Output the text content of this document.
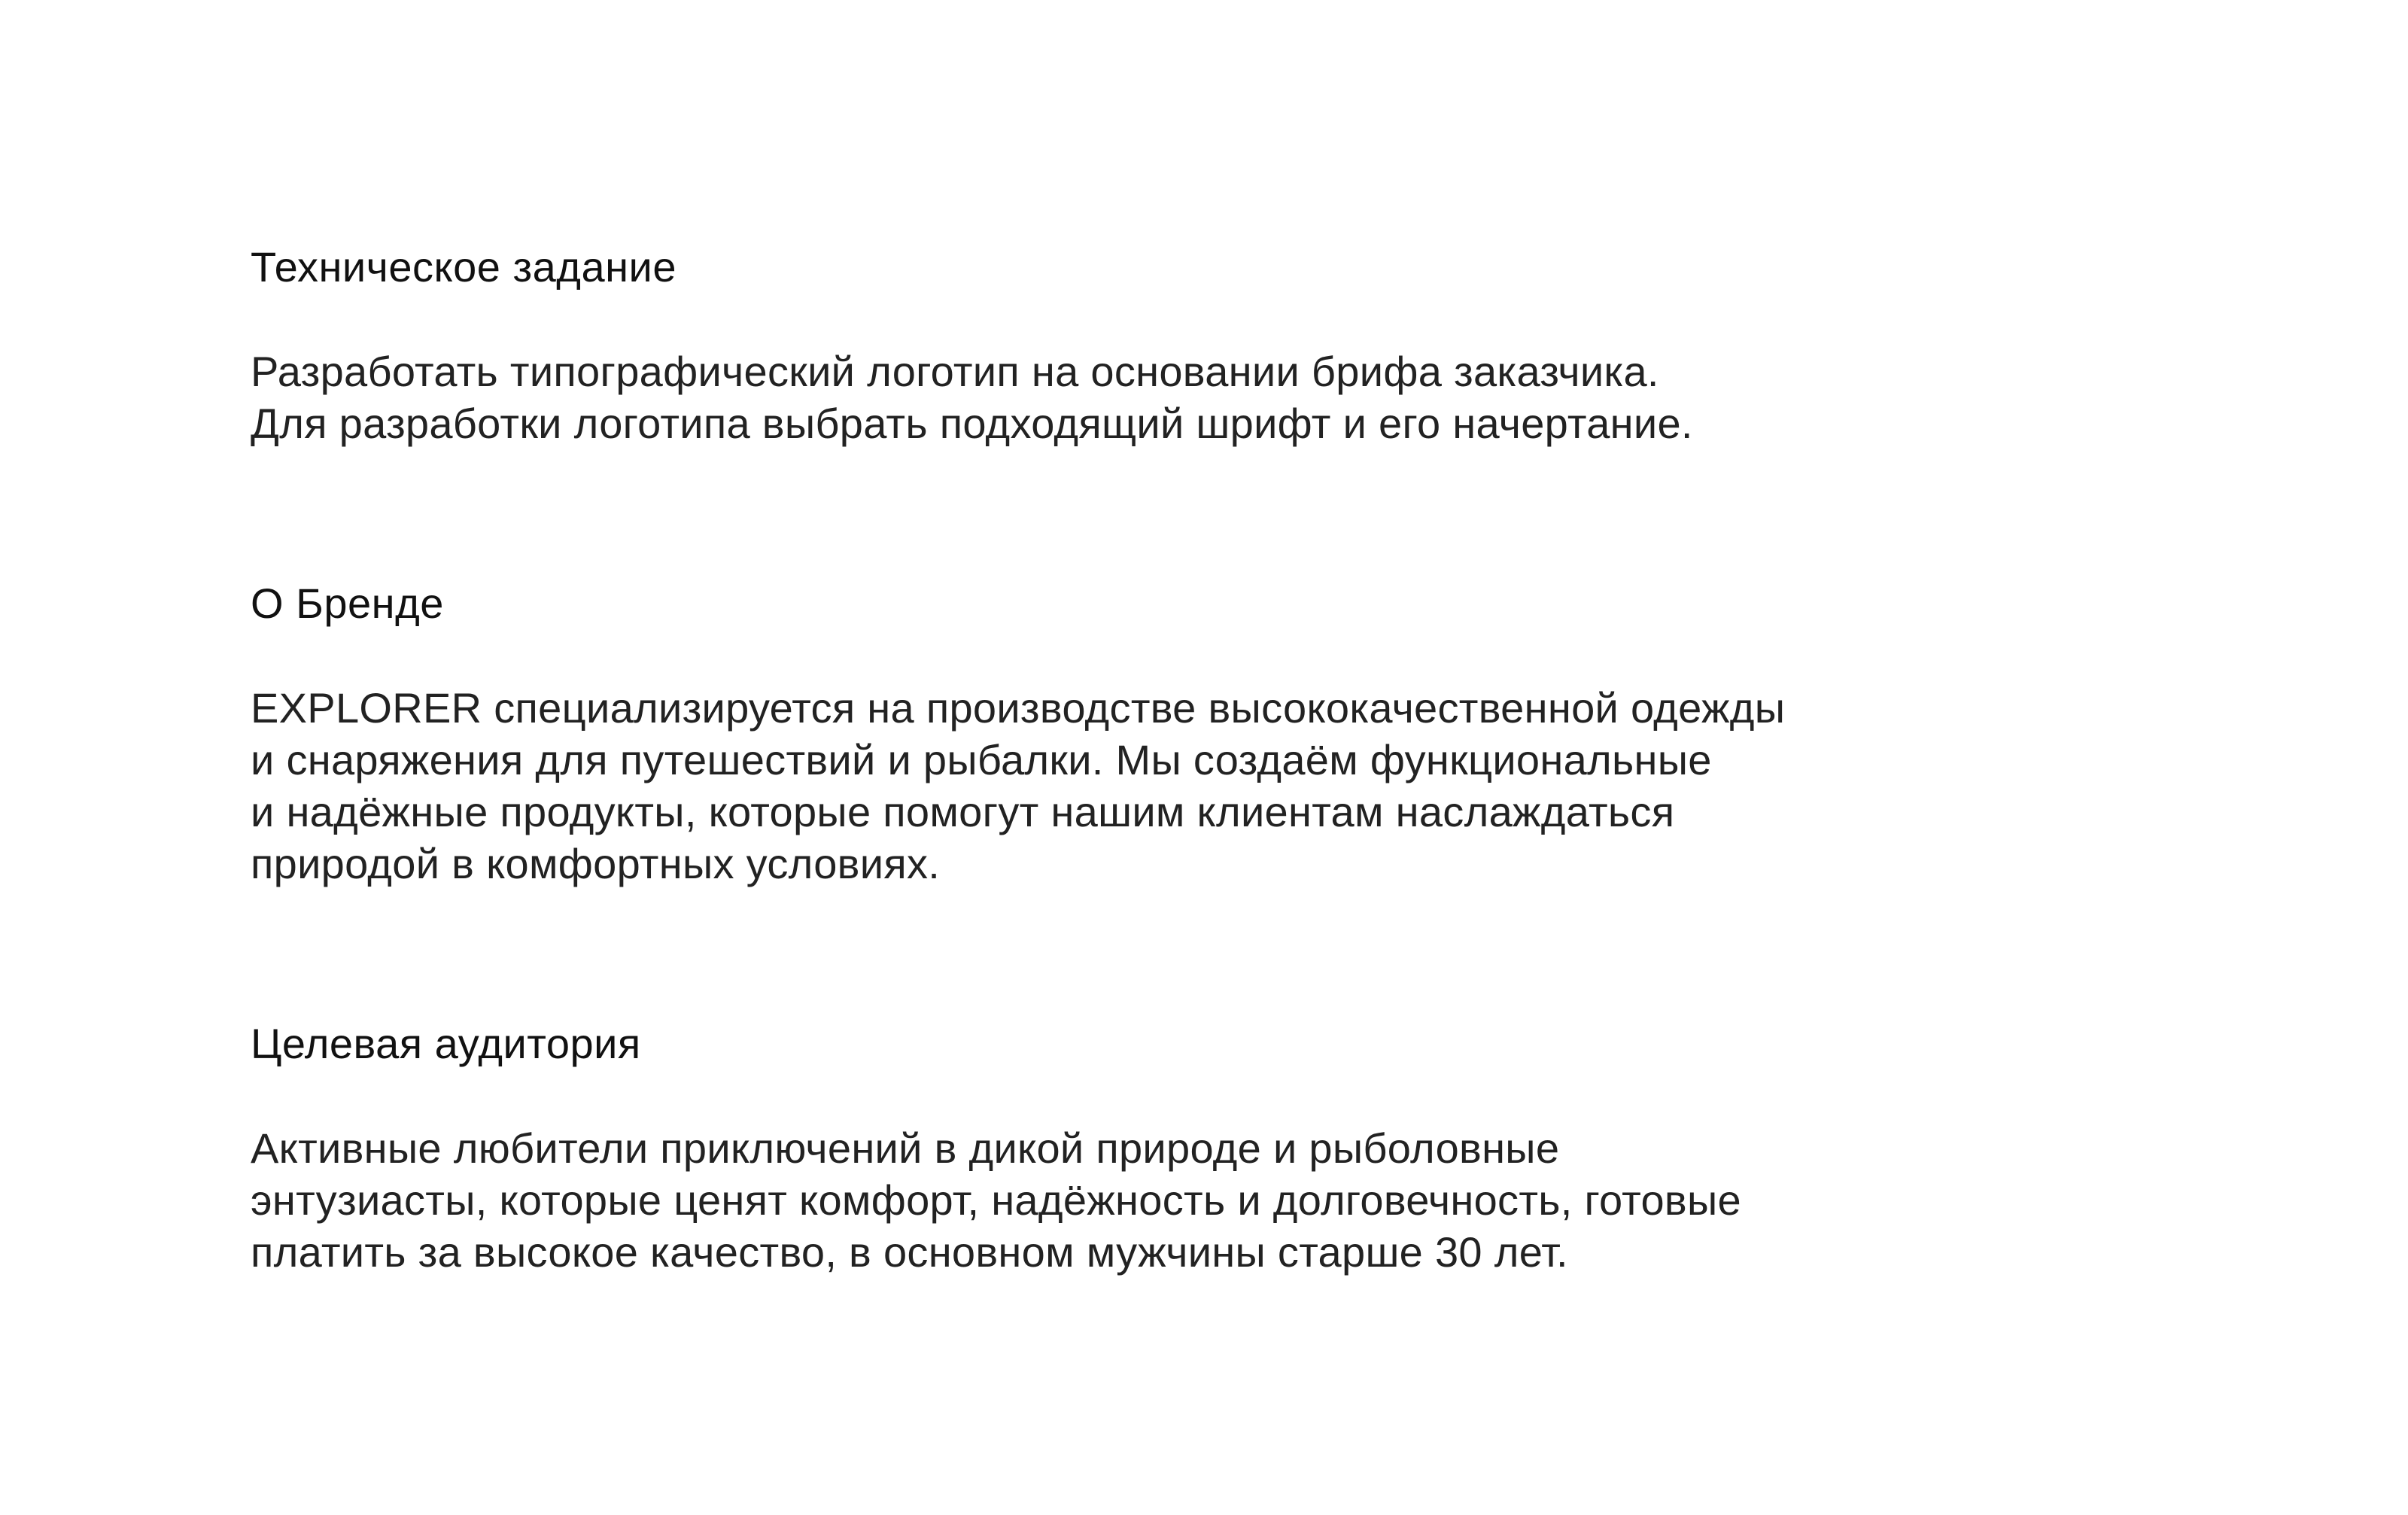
Техническое задание

Разработать типографический логотип на основании брифа заказчика.
Для разработки логотипа выбрать подходящий шрифт и его начертание.

О Бренде

EXPLORER специализируется на производстве высококачественной одежды
и снаряжения для путешествий и рыбалки. Мы создаём функциональные
и надёжные продукты, которые помогут нашим клиентам наслаждаться
природой в комфортных условиях.

Целевая аудитория

Активные любители приключений в дикой природе и рыболовные
энтузиасты, которые ценят комфорт, надёжность и долговечность, готовые
платить за высокое качество, в основном мужчины старше 30 лет.
